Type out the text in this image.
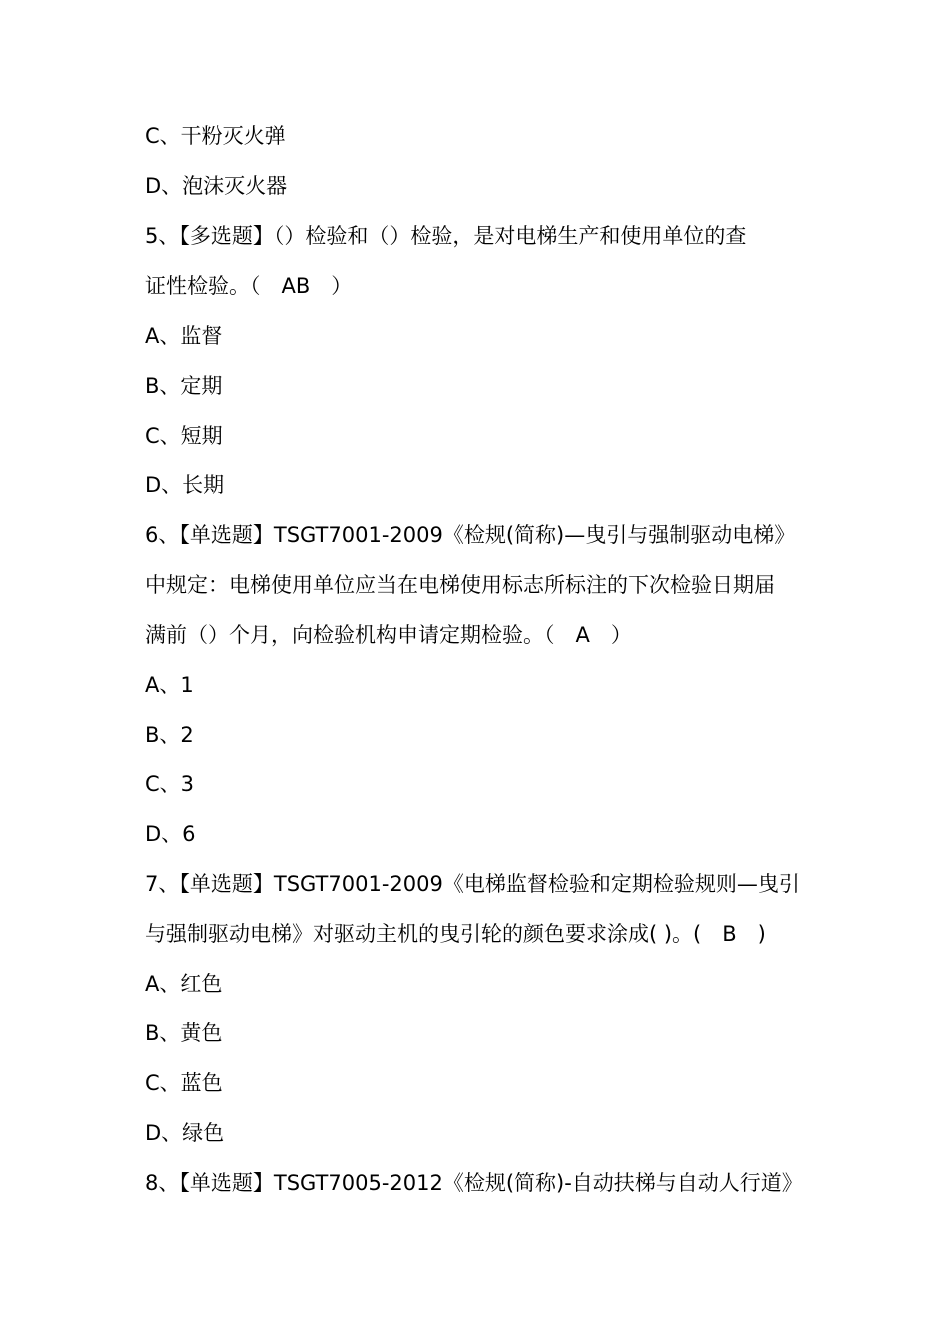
C、干粉灭火弹
D、泡沫灭火器
5、【多选题】（）检验和（）检验，是对电梯生产和使用单位的查
证性检验。（　AB　）
A、监督
B、定期
C、短期
D、长期
6、【单选题】TSGT7001-2009《检规(简称)—曳引与强制驱动电梯》
中规定：电梯使用单位应当在电梯使用标志所标注的下次检验日期届
满前（）个月，向检验机构申请定期检验。（　A　）
A、1
B、2
C、3
D、6
7、【单选题】TSGT7001-2009《电梯监督检验和定期检验规则—曳引
与强制驱动电梯》对驱动主机的曳引轮的颜色要求涂成( )。(　B　)
A、红色
B、黄色
C、蓝色
D、绿色
8、【单选题】TSGT7005-2012《检规(简称)-自动扶梯与自动人行道》
